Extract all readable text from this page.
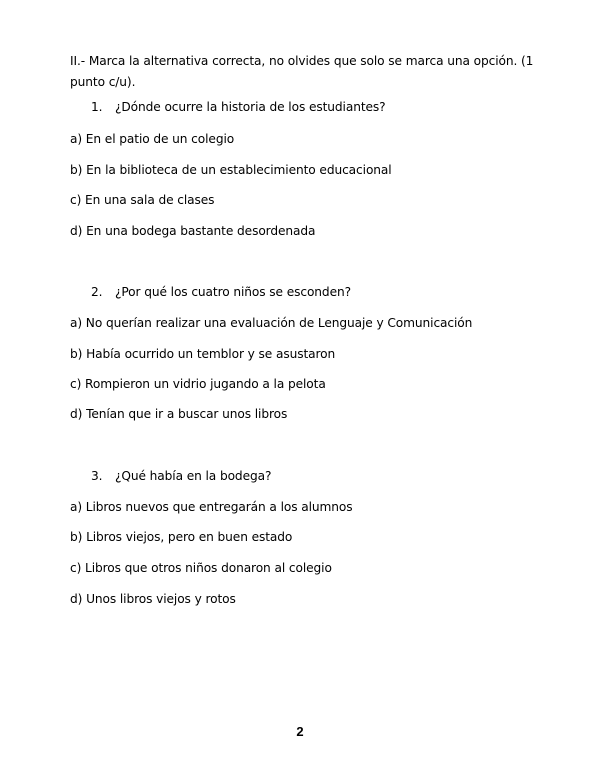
II.- Marca la alternativa correcta, no olvides que solo se marca una opción. (1 punto c/u).
1. ¿Dónde ocurre la historia de los estudiantes?
a) En el patio de un colegio
b) En la biblioteca de un establecimiento educacional
c) En una sala de clases
d) En una bodega bastante desordenada
2. ¿Por qué los cuatro niños se esconden?
a) No querían realizar una evaluación de Lenguaje y Comunicación
b) Había ocurrido un temblor y se asustaron
c) Rompieron un vidrio jugando a la pelota
d) Tenían que ir a buscar unos libros
3. ¿Qué había en la bodega?
a) Libros nuevos que entregarán a los alumnos
b) Libros viejos, pero en buen estado
c) Libros que otros niños donaron al colegio
d) Unos libros viejos y rotos
2
